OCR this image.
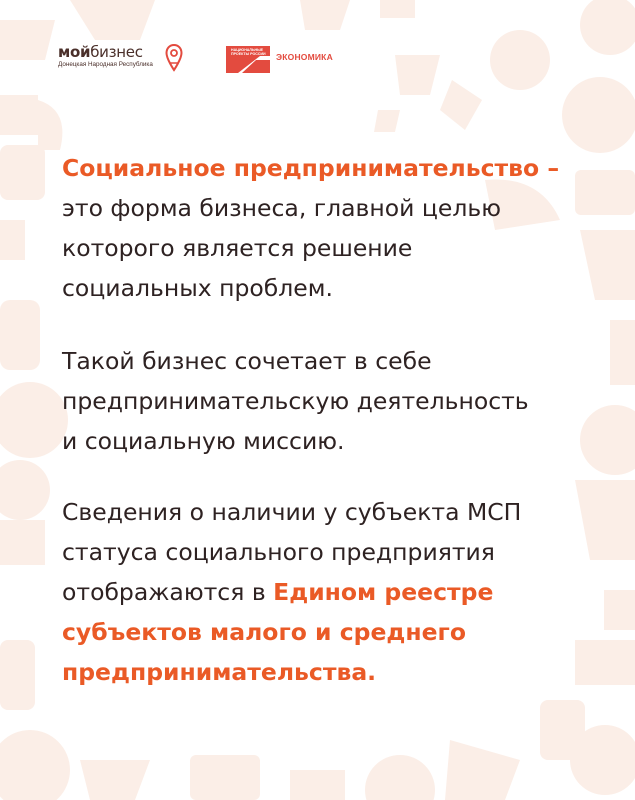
мойбизнес
Донецкая Народная Республика
НАЦИОНАЛЬНЫЕ ПРОЕКТЫ РОССИИ ЭКОНОМИКА

Социальное предпринимательство –
это форма бизнеса, главной целью
которого является решение
социальных проблем.

Такой бизнес сочетает в себе
предпринимательскую деятельность
и социальную миссию.

Сведения о наличии у субъекта МСП
статуса социального предприятия
отображаются в Едином реестре
субъектов малого и среднего
предпринимательства.
